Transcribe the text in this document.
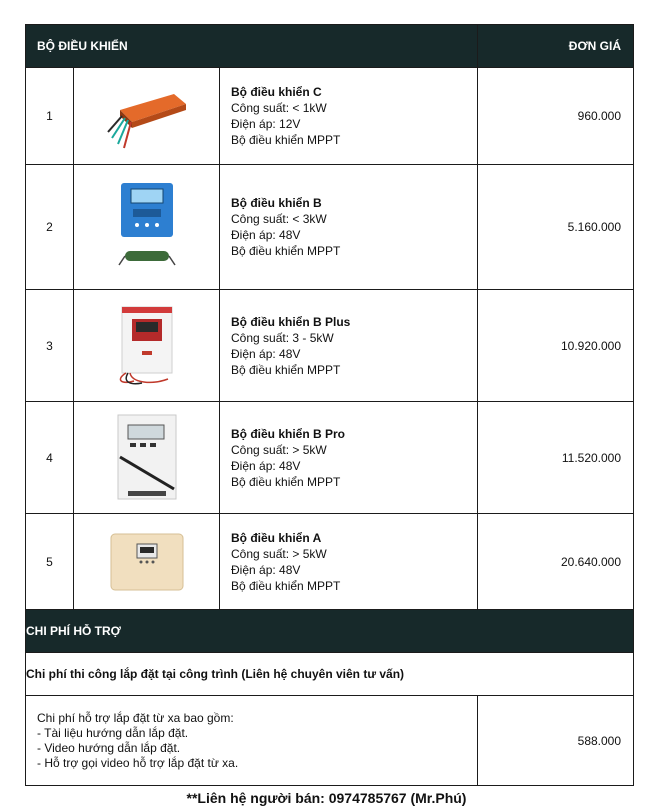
BỘ ĐIỀU KHIỂN			ĐƠN GIÁ
1		Bộ điều khiển C
Công suất: < 1kW
Điện áp: 12V
Bộ điều khiển MPPT	960.000
2		Bộ điều khiển B
Công suất: < 3kW
Điện áp: 48V
Bộ điều khiển MPPT	5.160.000
3		Bộ điều khiển B Plus
Công suất: 3 - 5kW
Điện áp: 48V
Bộ điều khiển MPPT	10.920.000
4		Bộ điều khiển B Pro
Công suất: > 5kW
Điện áp: 48V
Bộ điều khiển MPPT	11.520.000
5		Bộ điều khiển A
Công suất: > 5kW
Điện áp: 48V
Bộ điều khiển MPPT	20.640.000
CHI PHÍ HỖ TRỢ			
Chi phí thi công lắp đặt tại công trình (Liên hệ chuyên viên tư vấn)			

Chi phí hỗ trợ lắp đặt từ xa bao gồm:
- Tài liệu hướng dẫn lắp đặt.
- Video hướng dẫn lắp đặt.
- Hỗ trợ gọi video hỗ trợ lắp đặt từ xa.			588.000
**Liên hệ người bán: 0974785767 (Mr.Phú)
